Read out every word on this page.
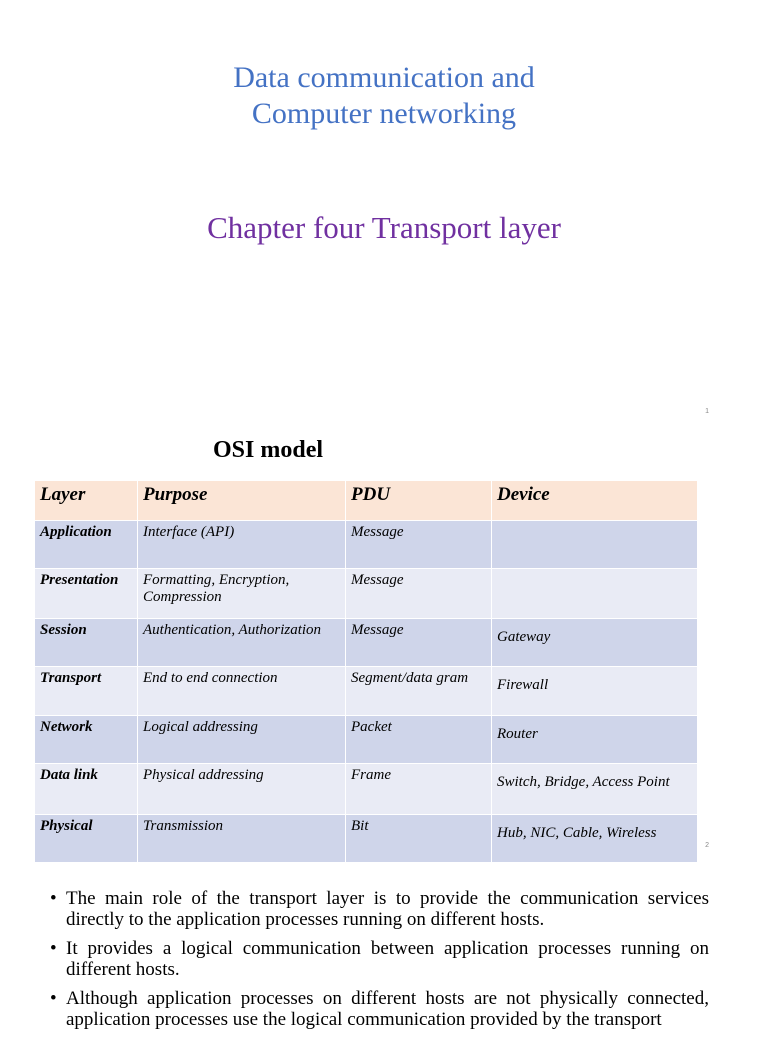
Data communication and
Computer networking
Chapter four Transport layer
1
OSI model
Layer	Purpose	PDU	Device
Application	Interface (API)	Message	
Presentation	Formatting, Encryption, Compression	Message	
Session	Authentication, Authorization	Message	Gateway
Transport	End to end connection	Segment/data gram	Firewall
Network	Logical addressing	Packet	Router
Data link	Physical addressing	Frame	Switch, Bridge, Access Point
Physical	Transmission	Bit	Hub, NIC, Cable, Wireless
2
• The main role of the transport layer is to provide the communication services directly to the application processes running on different hosts.
• It provides a logical communication between application processes running on different hosts.
• Although application processes on different hosts are not physically connected, application processes use the logical communication provided by the transport
